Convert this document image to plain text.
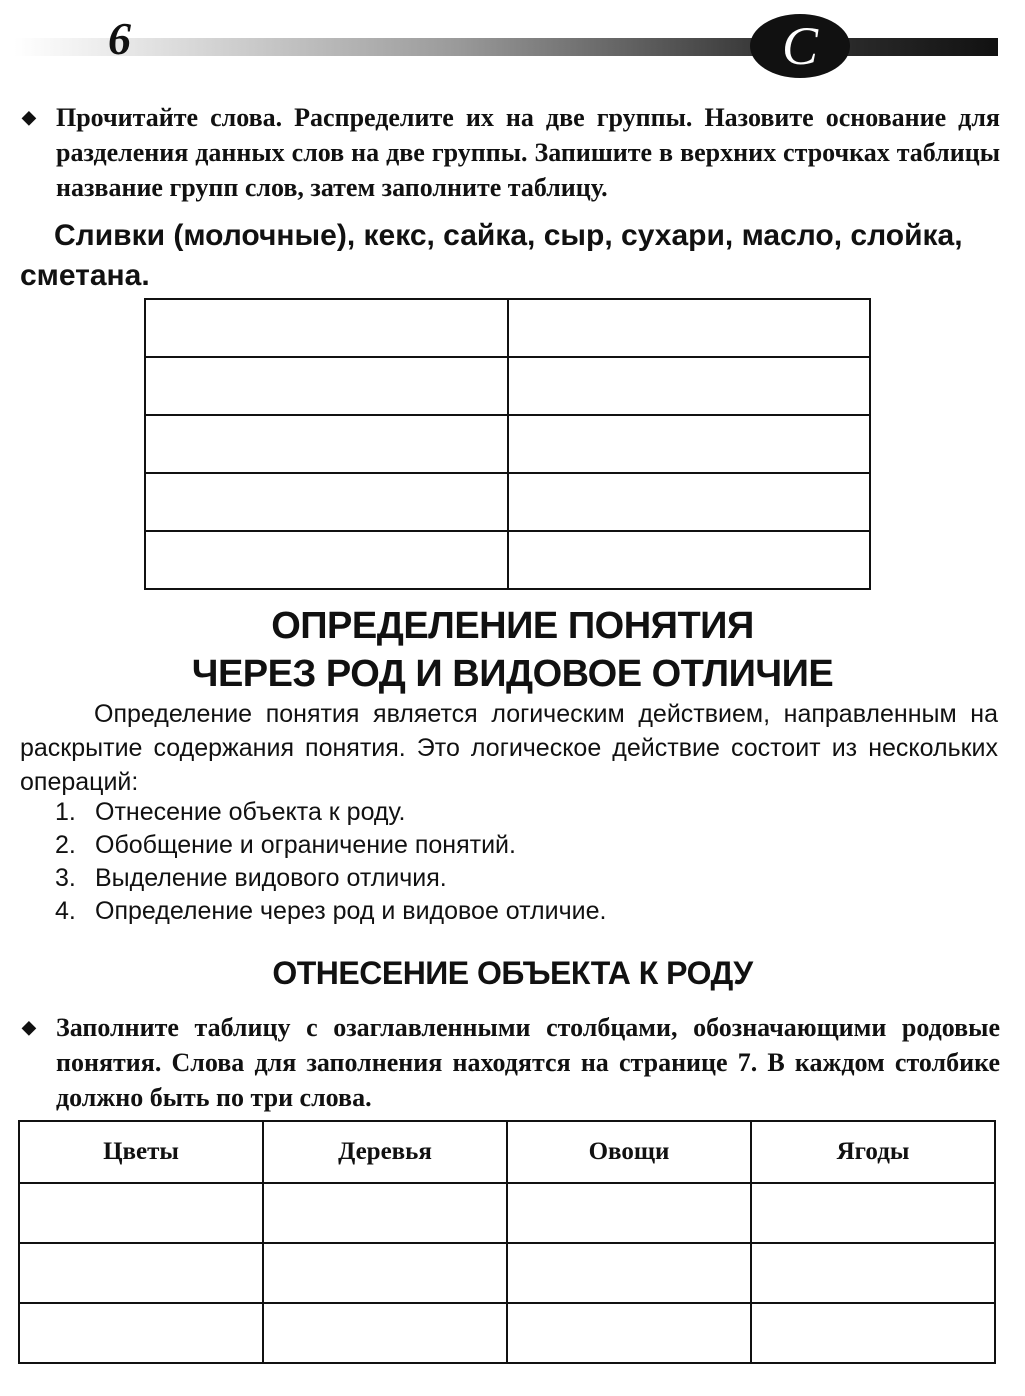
6	C
◆ Прочитайте слова. Распределите их на две группы. Назовите основание для разделения данных слов на две группы. Запишите в верхних строчках таблицы название групп слов, затем заполните таблицу.
Сливки (молочные), кекс, сайка, сыр, сухари, масло, слойка, сметана.

ОПРЕДЕЛЕНИЕ ПОНЯТИЯ
ЧЕРЕЗ РОД И ВИДОВОЕ ОТЛИЧИЕ
Определение понятия является логическим действием, направленным на раскрытие содержания понятия. Это логическое действие состоит из нескольких операций:
1. Отнесение объекта к роду.
2. Обобщение и ограничение понятий.
3. Выделение видового отличия.
4. Определение через род и видовое отличие.
ОТНЕСЕНИЕ ОБЪЕКТА К РОДУ
◆ Заполните таблицу с озаглавленными столбцами, обозначающими родовые понятия. Слова для заполнения находятся на странице 7. В каждом столбике должно быть по три слова.
Цветы	Деревья	Овощи	Ягоды
